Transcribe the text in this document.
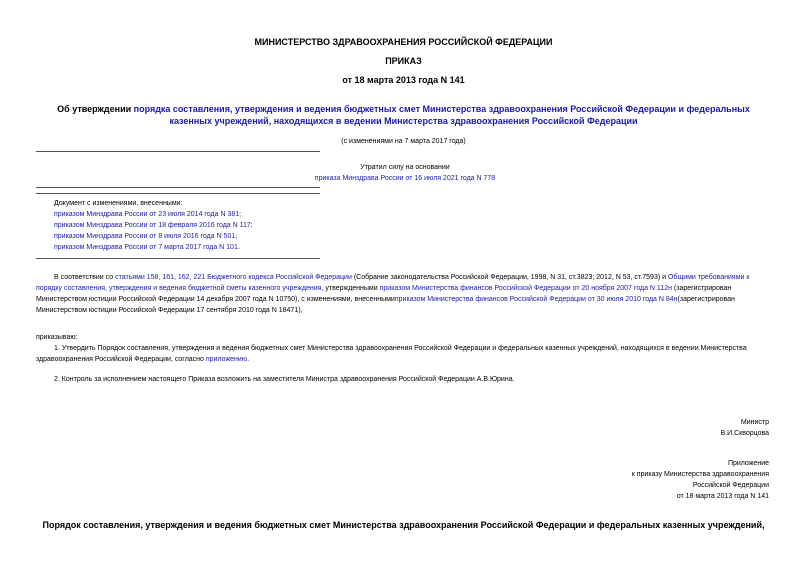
МИНИСТЕРСТВО ЗДРАВООХРАНЕНИЯ РОССИЙСКОЙ ФЕДЕРАЦИИ
ПРИКАЗ
от 18 марта 2013 года N 141
Об утверждении порядка составления, утверждения и ведения бюджетных смет Министерства здравоохранения Российской Федерации и федеральных казенных учреждений, находящихся в ведении Министерства здравоохранения Российской Федерации
(с изменениями на 7 марта 2017 года)
Утратил силу на основании
приказа Минздрава России от 16 июля 2021 года N 778
Документ с изменениями, внесенными:
приказом Минздрава России от 23 июля 2014 года N 381;
приказом Минздрава России от 18 февраля 2016 года N 117;
приказом Минздрава России от 8 июля 2016 года N 501;
приказом Минздрава России от 7 марта 2017 года N 101.
В соответствии со статьями 158, 161, 162, 221 Бюджетного кодекса Российской Федерации (Собрание законодательства Российской Федерации, 1998, N 31, ст.3823; 2012, N 53, ст.7593) и Общими требованиями к порядку составления, утверждения и ведения бюджетной сметы казенного учреждения, утвержденными приказом Министерства финансов Российской Федерации от 20 ноября 2007 года N 112н (зарегистрирован Министерством юстиции Российской Федерации 14 декабря 2007 года N 10750), с изменениями, внесеннымиприказом Министерства финансов Российской Федерации от 30 июля 2010 года N 84н(зарегистрирован Министерством юстиции Российской Федерации 17 сентября 2010 года N 18471),
приказываю:
1. Утвердить Порядок составления, утверждения и ведения бюджетных смет Министерства здравоохранения Российской Федерации и федеральных казенных учреждений, находящихся в ведении Министерства здравоохранения Российской Федерации, согласно приложению.
2. Контроль за исполнением настоящего Приказа возложить на заместителя Министра здравоохранения Российской Федерации А.В.Юрина.
Министр
В.И.Скворцова
Приложение
к приказу Министерства здравоохранения
Российской Федерации
от 18 марта 2013 года N 141
Порядок составления, утверждения и ведения бюджетных смет Министерства здравоохранения Российской Федерации и федеральных казенных учреждений,
